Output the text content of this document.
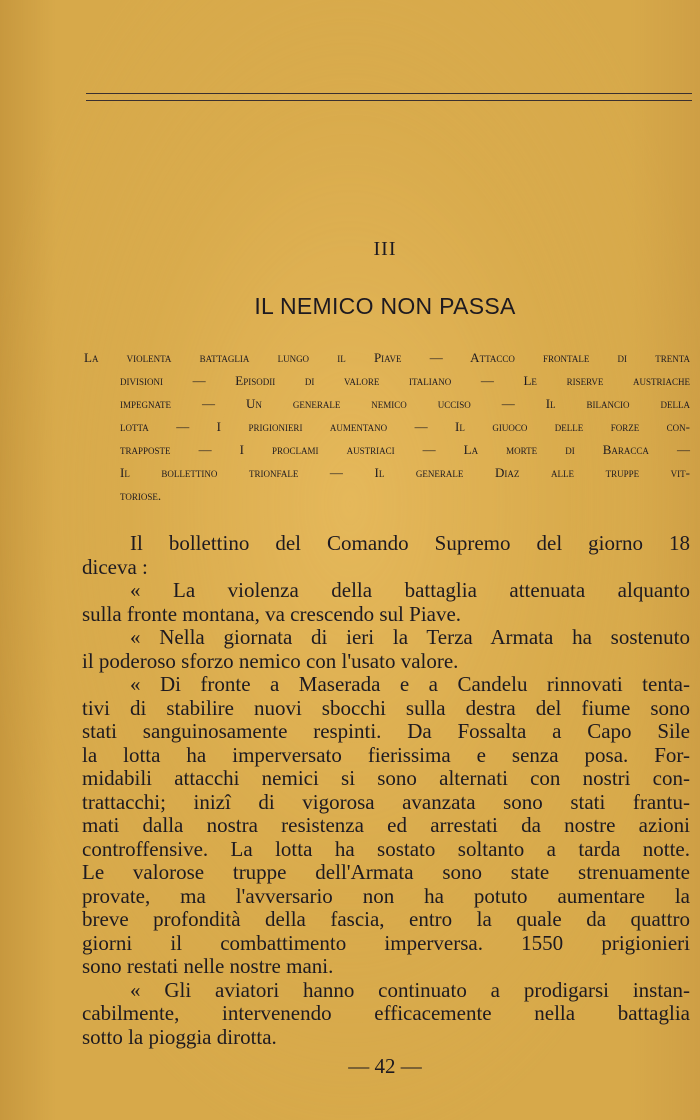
III
IL NEMICO NON PASSA
La violenta battaglia lungo il Piave — Attacco frontale di trenta
divisioni — Episodii di valore italiano — Le riserve austriache
impegnate — Un generale nemico ucciso — Il bilancio della
lotta — I prigionieri aumentano — Il giuoco delle forze con-
trapposte — I proclami austriaci — La morte di Baracca —
Il bollettino trionfale — Il generale Diaz alle truppe vit-
toriose.
Il bollettino del Comando Supremo del giorno 18
diceva :
« La violenza della battaglia attenuata alquanto
sulla fronte montana, va crescendo sul Piave.
« Nella giornata di ieri la Terza Armata ha sostenuto
il poderoso sforzo nemico con l'usato valore.
« Di fronte a Maserada e a Candelu rinnovati tenta-
tivi di stabilire nuovi sbocchi sulla destra del fiume sono
stati sanguinosamente respinti. Da Fossalta a Capo Sile
la lotta ha imperversato fierissima e senza posa. For-
midabili attacchi nemici si sono alternati con nostri con-
trattacchi; inizî di vigorosa avanzata sono stati frantu-
mati dalla nostra resistenza ed arrestati da nostre azioni
controffensive. La lotta ha sostato soltanto a tarda notte.
Le valorose truppe dell'Armata sono state strenuamente
provate, ma l'avversario non ha potuto aumentare la
breve profondità della fascia, entro la quale da quattro
giorni il combattimento imperversa. 1550 prigionieri
sono restati nelle nostre mani.
« Gli aviatori hanno continuato a prodigarsi instan-
cabilmente, intervenendo efficacemente nella battaglia
sotto la pioggia dirotta.
— 42 —
